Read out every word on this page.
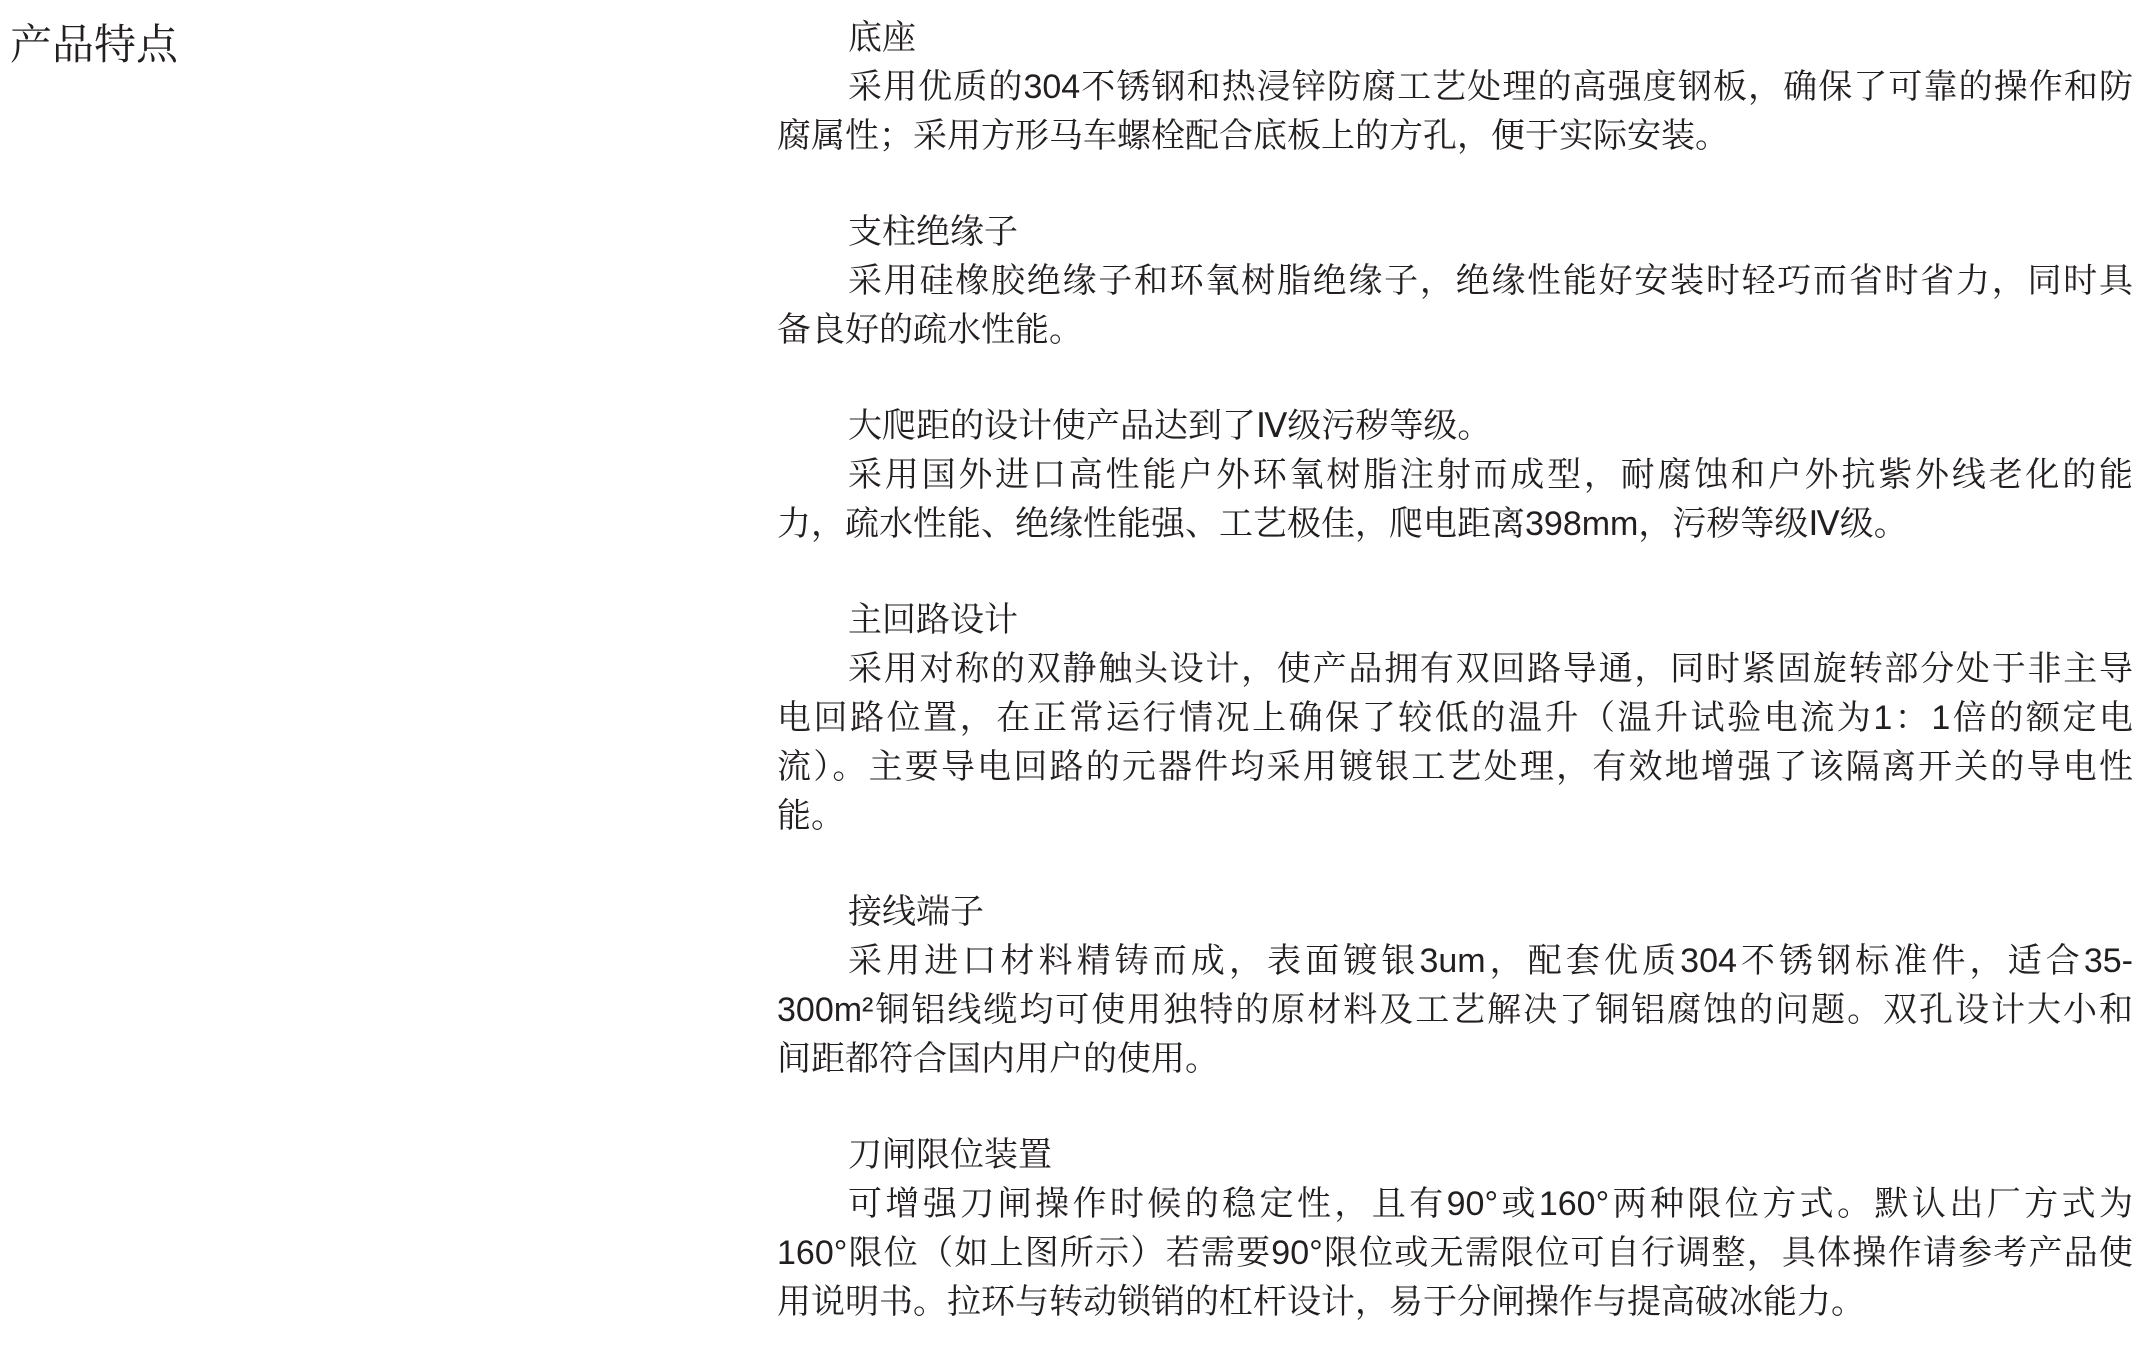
产品特点	底座
采用优质的304不锈钢和热浸锌防腐工艺处理的高强度钢板，确保了可靠的操作和防
腐属性；采用方形马车螺栓配合底板上的方孔，便于实际安装。
支柱绝缘子
采用硅橡胶绝缘子和环氧树脂绝缘子，绝缘性能好安装时轻巧而省时省力，同时具
备良好的疏水性能。
大爬距的设计使产品达到了Ⅳ级污秽等级。
采用国外进口高性能户外环氧树脂注射而成型，耐腐蚀和户外抗紫外线老化的能
力，疏水性能、绝缘性能强、工艺极佳，爬电距离398mm，污秽等级Ⅳ级。
主回路设计
采用对称的双静触头设计，使产品拥有双回路导通，同时紧固旋转部分处于非主导
电回路位置，在正常运行情况上确保了较低的温升（温升试验电流为1：1倍的额定电
流）。主要导电回路的元器件均采用镀银工艺处理，有效地增强了该隔离开关的导电性
能。
接线端子
采用进口材料精铸而成，表面镀银3um，配套优质304不锈钢标准件，适合35-
300m²铜铝线缆均可使用独特的原材料及工艺解决了铜铝腐蚀的问题。双孔设计大小和
间距都符合国内用户的使用。
刀闸限位装置
可增强刀闸操作时候的稳定性，且有90°或160°两种限位方式。默认出厂方式为
160°限位（如上图所示）若需要90°限位或无需限位可自行调整，具体操作请参考产品使
用说明书。拉环与转动锁销的杠杆设计，易于分闸操作与提高破冰能力。
